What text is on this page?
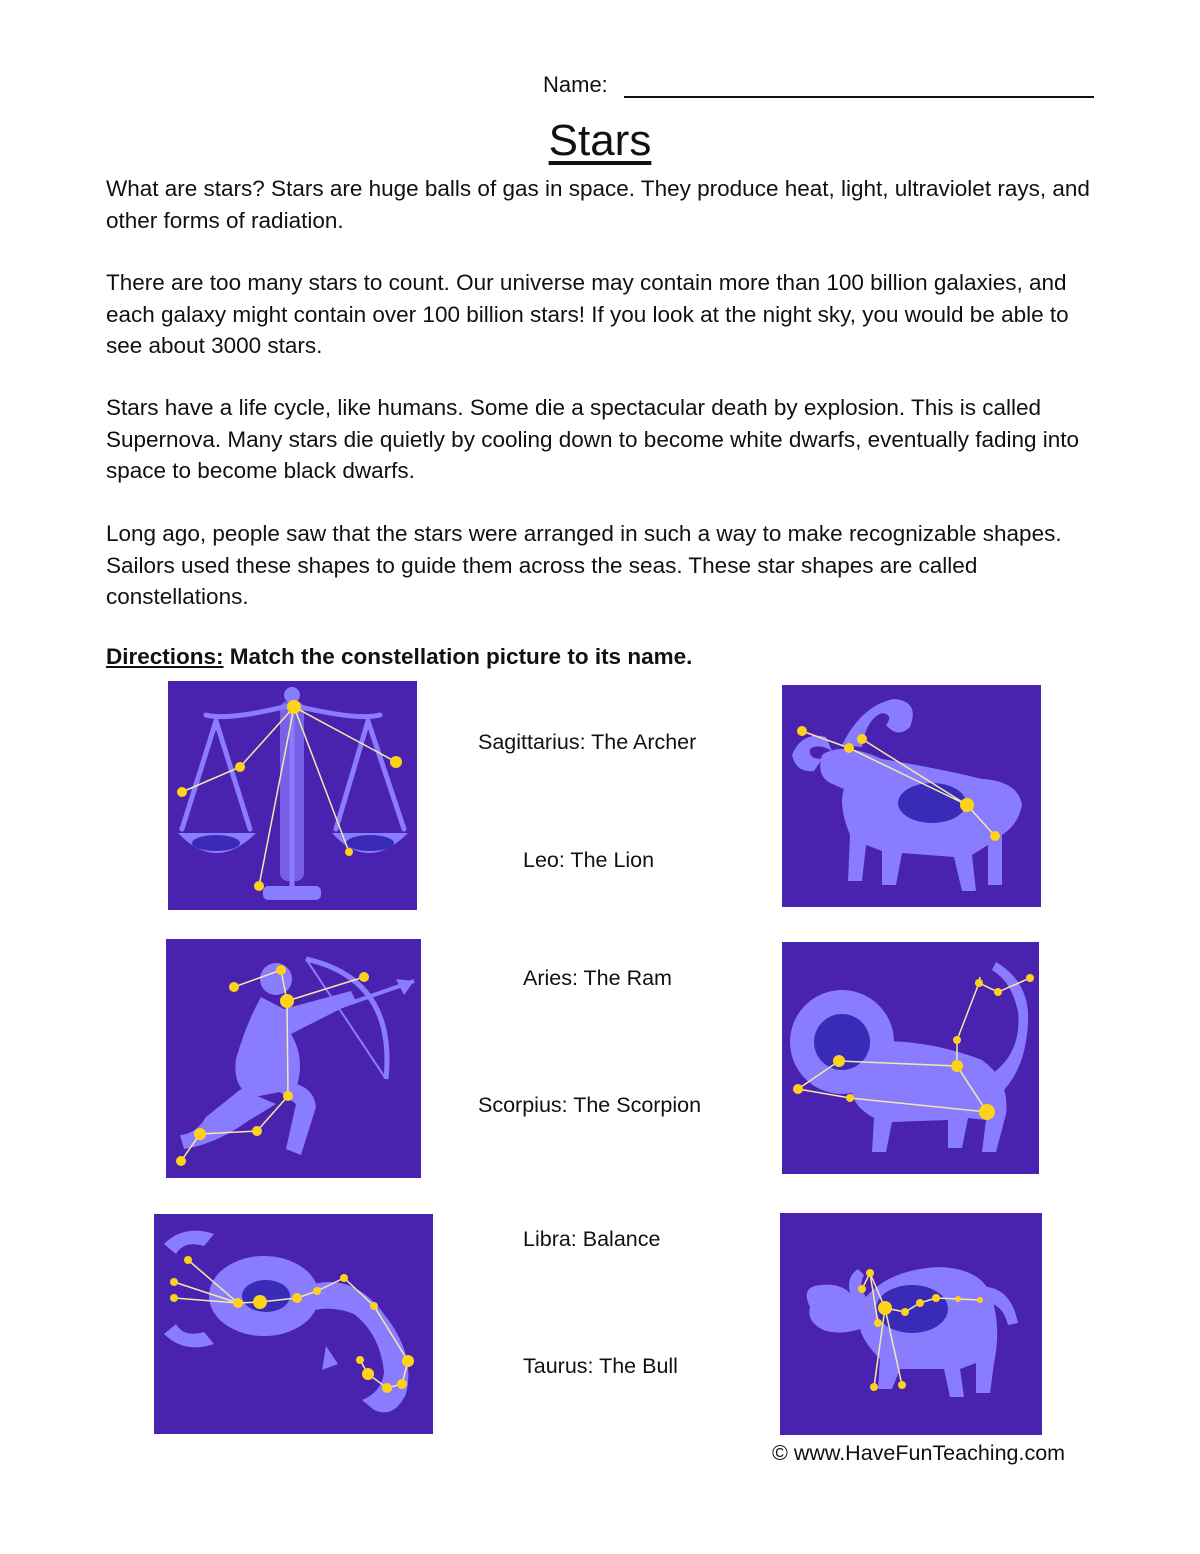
Name:
Stars

What are stars? Stars are huge balls of gas in space. They produce heat, light, ultraviolet rays, and other forms of radiation.

There are too many stars to count. Our universe may contain more than 100 billion galaxies, and each galaxy might contain over 100 billion stars! If you look at the night sky, you would be able to see about 3000 stars.

Stars have a life cycle, like humans. Some die a spectacular death by explosion. This is called Supernova. Many stars die quietly by cooling down to become white dwarfs, eventually fading into space to become black dwarfs.

Long ago, people saw that the stars were arranged in such a way to make recognizable shapes. Sailors used these shapes to guide them across the seas. These star shapes are called constellations.

Directions: Match the constellation picture to its name.
Sagittarius: The Archer
Leo: The Lion
Aries: The Ram
Scorpius: The Scorpion
Libra: Balance
Taurus: The Bull
© www.HaveFunTeaching.com
